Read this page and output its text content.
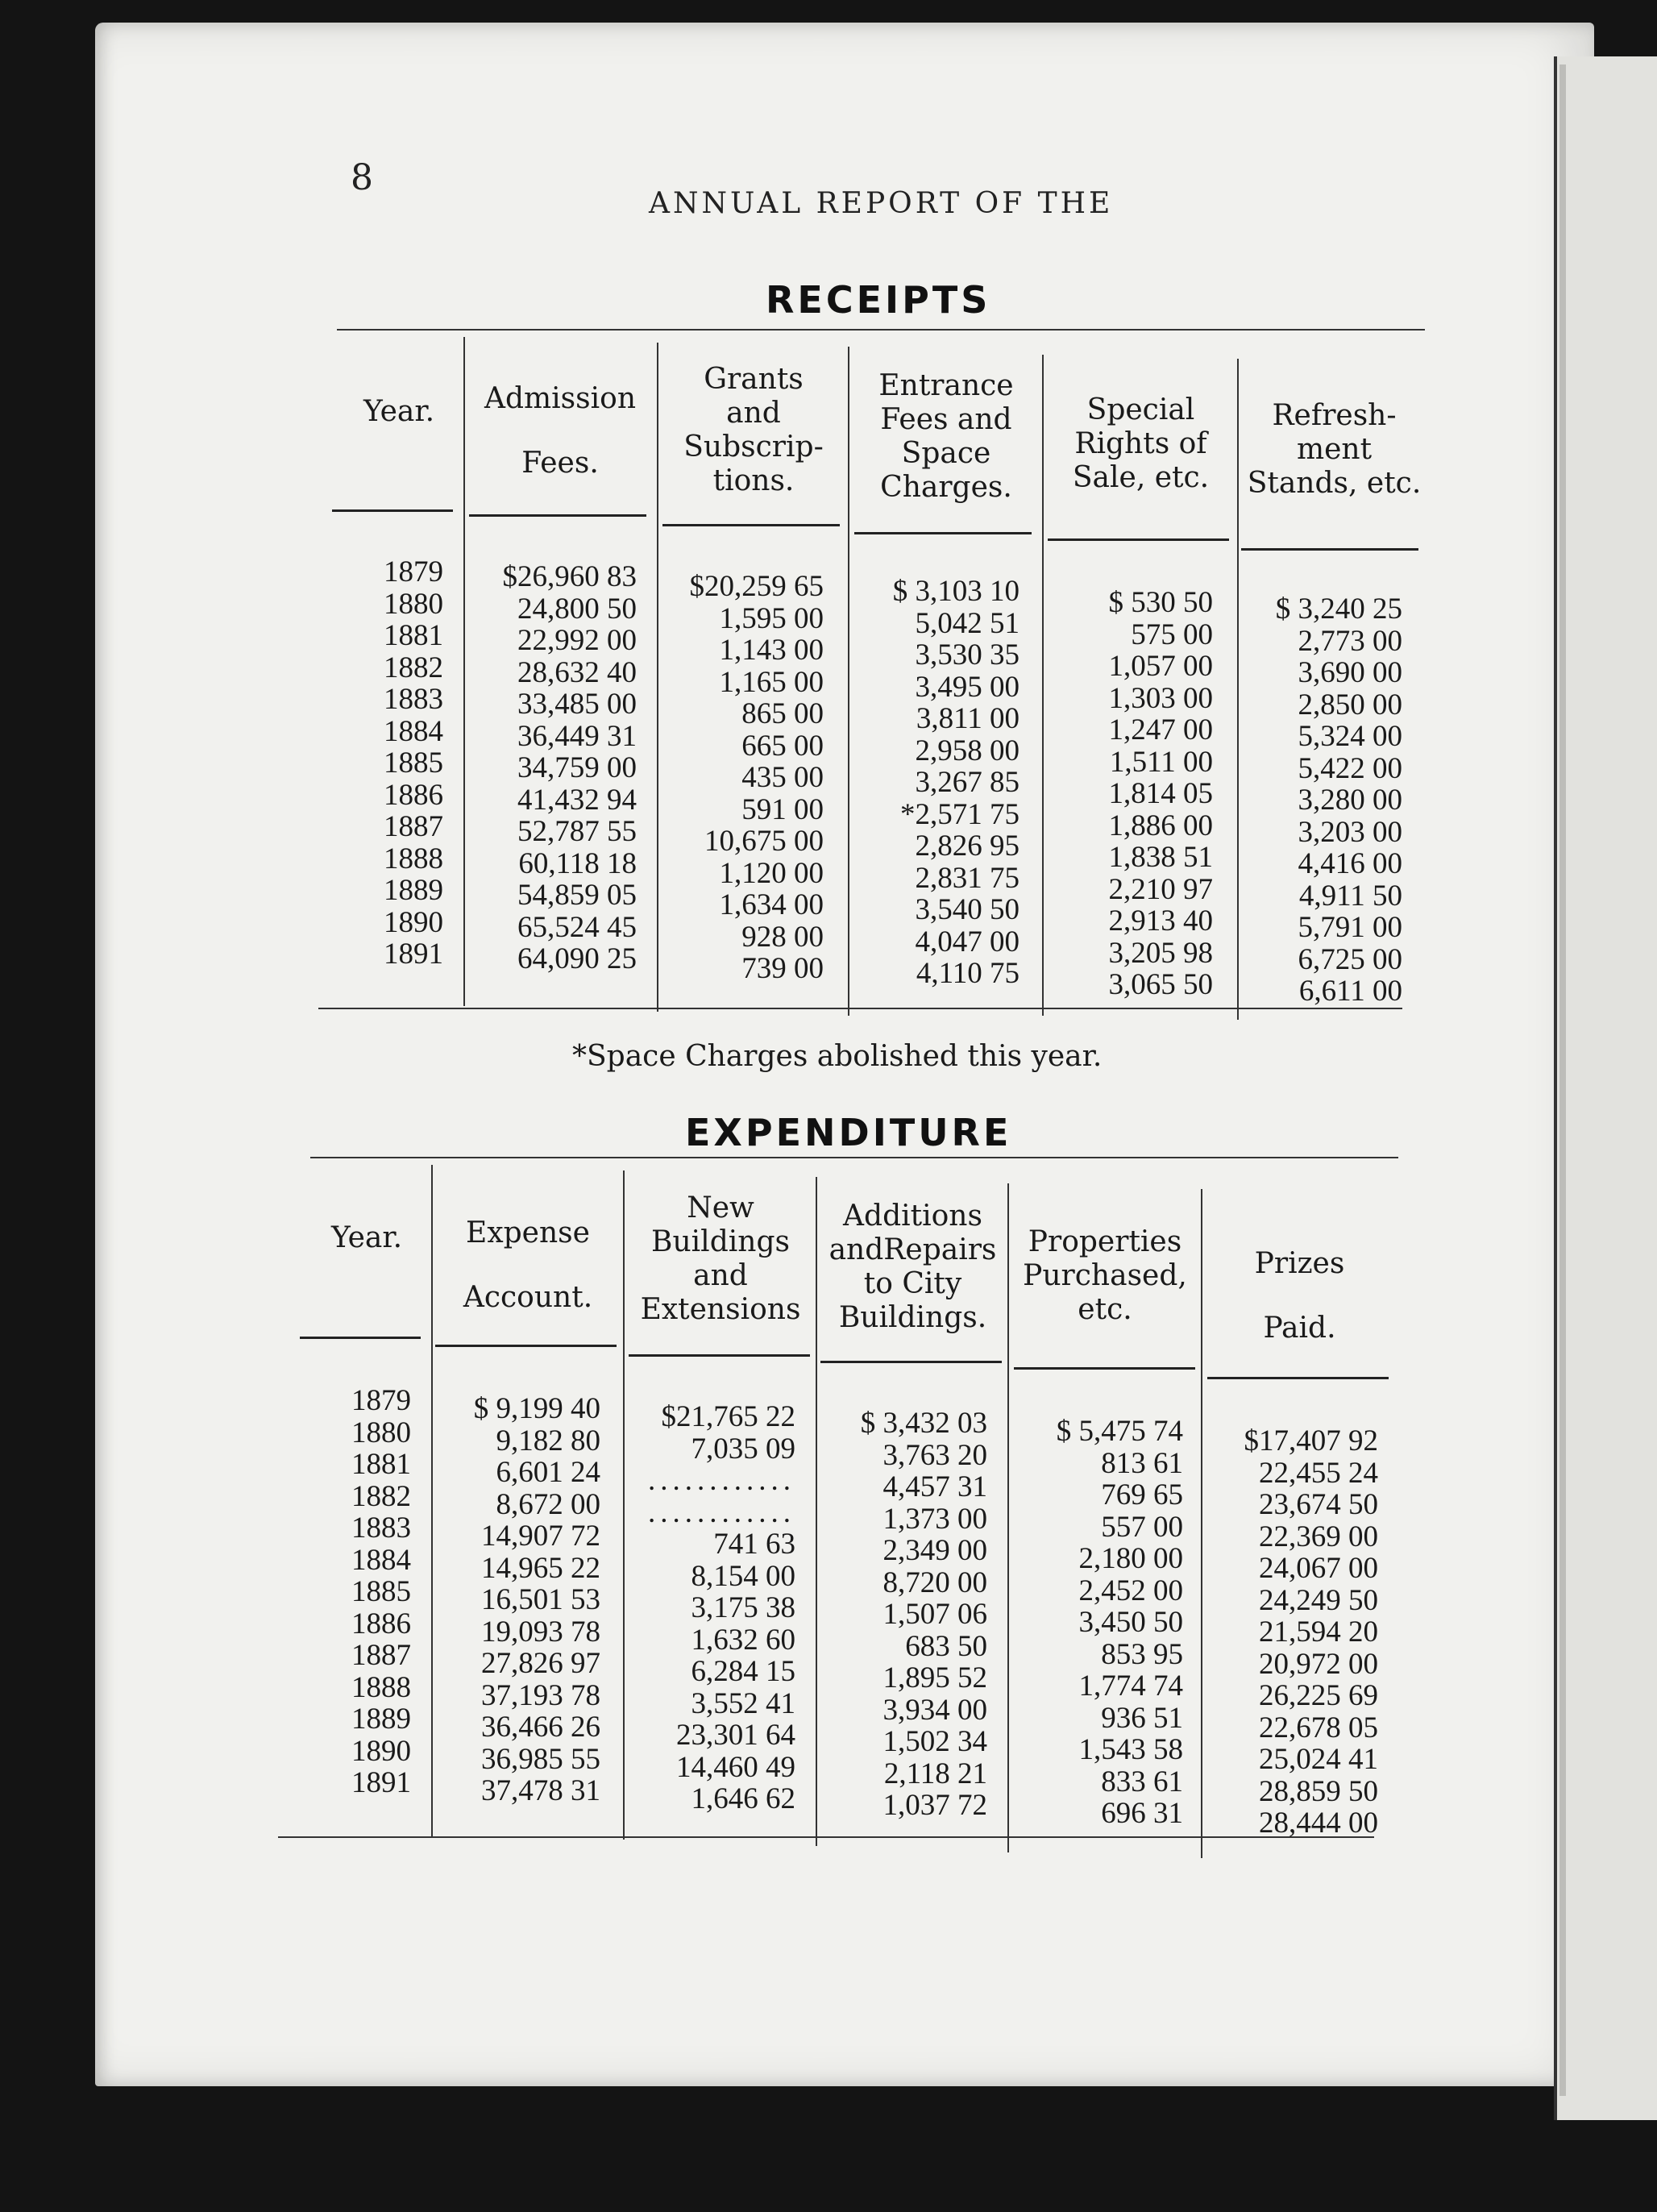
8
ANNUAL REPORT OF THE
RECEIPTS
Year.	Admission Fees.
Grants and Subscrip- tions.
Entrance Fees and Space Charges.
Special Rights of Sale, etc.
Refresh- ment Stands, etc.
1879
1880
1881
1882
1883
1884
1885
1886
1887
1888
1889
1890
1891
$26,960 83
24,800 50
22,992 00
28,632 40
33,485 00
36,449 31
34,759 00
41,432 94
52,787 55
60,118 18
54,859 05
65,524 45
64,090 25
$20,259 65
1,595 00
1,143 00
1,165 00
865 00
665 00
435 00
591 00
10,675 00
1,120 00
1,634 00
928 00
739 00
$ 3,103 10
5,042 51
3,530 35
3,495 00
3,811 00
2,958 00
3,267 85
*2,571 75
2,826 95
2,831 75
3,540 50
4,047 00
4,110 75
$ 530 50
575 00
1,057 00
1,303 00
1,247 00
1,511 00
1,814 05
1,886 00
1,838 51
2,210 97
2,913 40
3,205 98
3,065 50
$ 3,240 25
2,773 00
3,690 00
2,850 00
5,324 00
5,422 00
3,280 00
3,203 00
4,416 00
4,911 50
5,791 00
6,725 00
6,611 00
*Space Charges abolished this year.
EXPENDITURE
Year.	Expense Account.
New Buildings and Extensions
Additions andRepairs to City Buildings.
Properties Purchased, etc.
Prizes Paid.
1879
1880
1881
1882
1883
1884
1885
1886
1887
1888
1889
1890
1891
$ 9,199 40
9,182 80
6,601 24
8,672 00
14,907 72
14,965 22
16,501 53
19,093 78
27,826 97
37,193 78
36,466 26
36,985 55
37,478 31
$21,765 22
7,035 09
............
............
741 63
8,154 00
3,175 38
1,632 60
6,284 15
3,552 41
23,301 64
14,460 49
1,646 62
$ 3,432 03
3,763 20
4,457 31
1,373 00
2,349 00
8,720 00
1,507 06
683 50
1,895 52
3,934 00
1,502 34
2,118 21
1,037 72
$ 5,475 74
813 61
769 65
557 00
2,180 00
2,452 00
3,450 50
853 95
1,774 74
936 51
1,543 58
833 61
696 31
$17,407 92
22,455 24
23,674 50
22,369 00
24,067 00
24,249 50
21,594 20
20,972 00
26,225 69
22,678 05
25,024 41
28,859 50
28,444 00
